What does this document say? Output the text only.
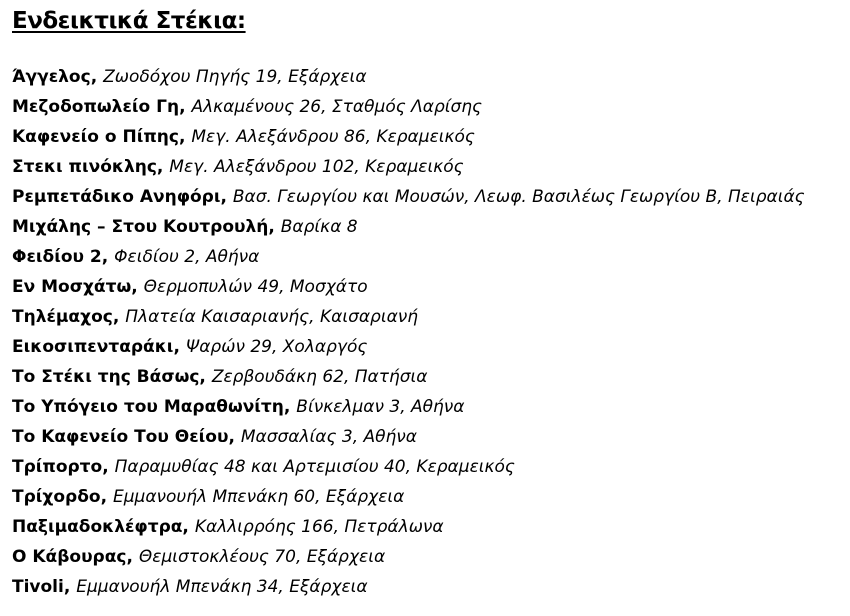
Ενδεικτικά Στέκια:
Άγγελος, Ζωοδόχου Πηγής 19, Εξάρχεια
Μεζοδοπωλείο Γη, Αλκαμένους 26, Σταθμός Λαρίσης
Καφενείο ο Πίπης, Μεγ. Αλεξάνδρου 86, Κεραμεικός
Στεκι πινόκλης, Μεγ. Αλεξάνδρου 102, Κεραμεικός
Ρεμπετάδικο Ανηφόρι, Βασ. Γεωργίου και Μουσών, Λεωφ. Βασιλέως Γεωργίου Β, Πειραιάς
Μιχάλης – Στου Κουτρουλή, Βαρίκα 8
Φειδίου 2, Φειδίου 2, Αθήνα
Εν Μοσχάτω, Θερμοπυλών 49, Μοσχάτο
Τηλέμαχος, Πλατεία Καισαριανής, Καισαριανή
Εικοσιπενταράκι, Ψαρών 29, Χολαργός
Το Στέκι της Βάσως, Ζερβουδάκη 62, Πατήσια
Το Υπόγειο του Μαραθωνίτη, Βίνκελμαν 3, Αθήνα
Το Καφενείο Του Θείου, Μασσαλίας 3, Αθήνα
Τρίπορτο, Παραμυθίας 48 και Αρτεμισίου 40, Κεραμεικός
Τρίχορδο, Εμμανουήλ Μπενάκη 60, Εξάρχεια
Παξιμαδοκλέφτρα, Καλλιρρόης 166, Πετράλωνα
Ο Κάβουρας, Θεμιστοκλέους 70, Εξάρχεια
Tivoli, Εμμανουήλ Μπενάκη 34, Εξάρχεια
